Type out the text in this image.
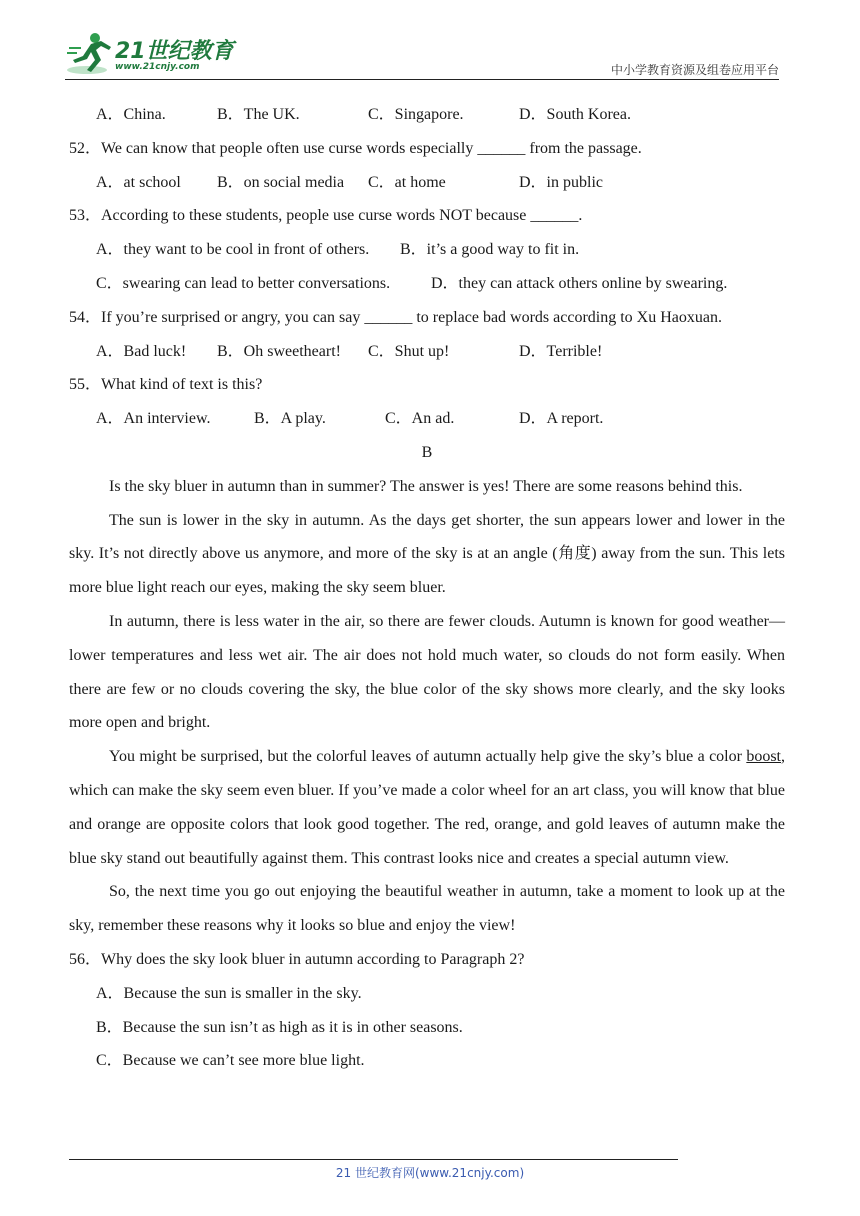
21世纪教育
www.21cnjy.com	中小学教育资源及组卷应用平台
A．China.	B．The UK.	C．Singapore.	D．South Korea.
52．We can know that people often use curse words especially ______ from the passage.
A．at school B．on social media C．at home	D．in public
53．According to these students, people use curse words NOT because ______.
A．they want to be cool in front of others. B．it’s a good way to fit in.
C．swearing can lead to better conversations.	D．they can attack others online by swearing.
54．If you’re surprised or angry, you can say ______ to replace bad words according to Xu Haoxuan.
A．Bad luck! B．Oh sweetheart! C．Shut up!	D．Terrible!
55．What kind of text is this?
A．An interview.	B．A play.	C．An ad.	D．A report.
B

Is the sky bluer in autumn than in summer? The answer is yes! There are some reasons behind this.

The sun is lower in the sky in autumn. As the days get shorter, the sun appears lower and lower in the sky. It’s not directly above us anymore, and more of the sky is at an angle (角度) away from the sun. This lets more blue light reach our eyes, making the sky seem bluer.

In autumn, there is less water in the air, so there are fewer clouds. Autumn is known for good weather—lower temperatures and less wet air. The air does not hold much water, so clouds do not form easily. When there are few or no clouds covering the sky, the blue color of the sky shows more clearly, and the sky looks more open and bright.

You might be surprised, but the colorful leaves of autumn actually help give the sky’s blue a color boost, which can make the sky seem even bluer. If you’ve made a color wheel for an art class, you will know that blue and orange are opposite colors that look good together. The red, orange, and gold leaves of autumn make the blue sky stand out beautifully against them. This contrast looks nice and creates a special autumn view.

So, the next time you go out enjoying the beautiful weather in autumn, take a moment to look up at the sky, remember these reasons why it looks so blue and enjoy the view!

56．Why does the sky look bluer in autumn according to Paragraph 2?
A．Because the sun is smaller in the sky.
B．Because the sun isn’t as high as it is in other seasons.
C．Because we can’t see more blue light.
21 世纪教育网(www.21cnjy.com)
